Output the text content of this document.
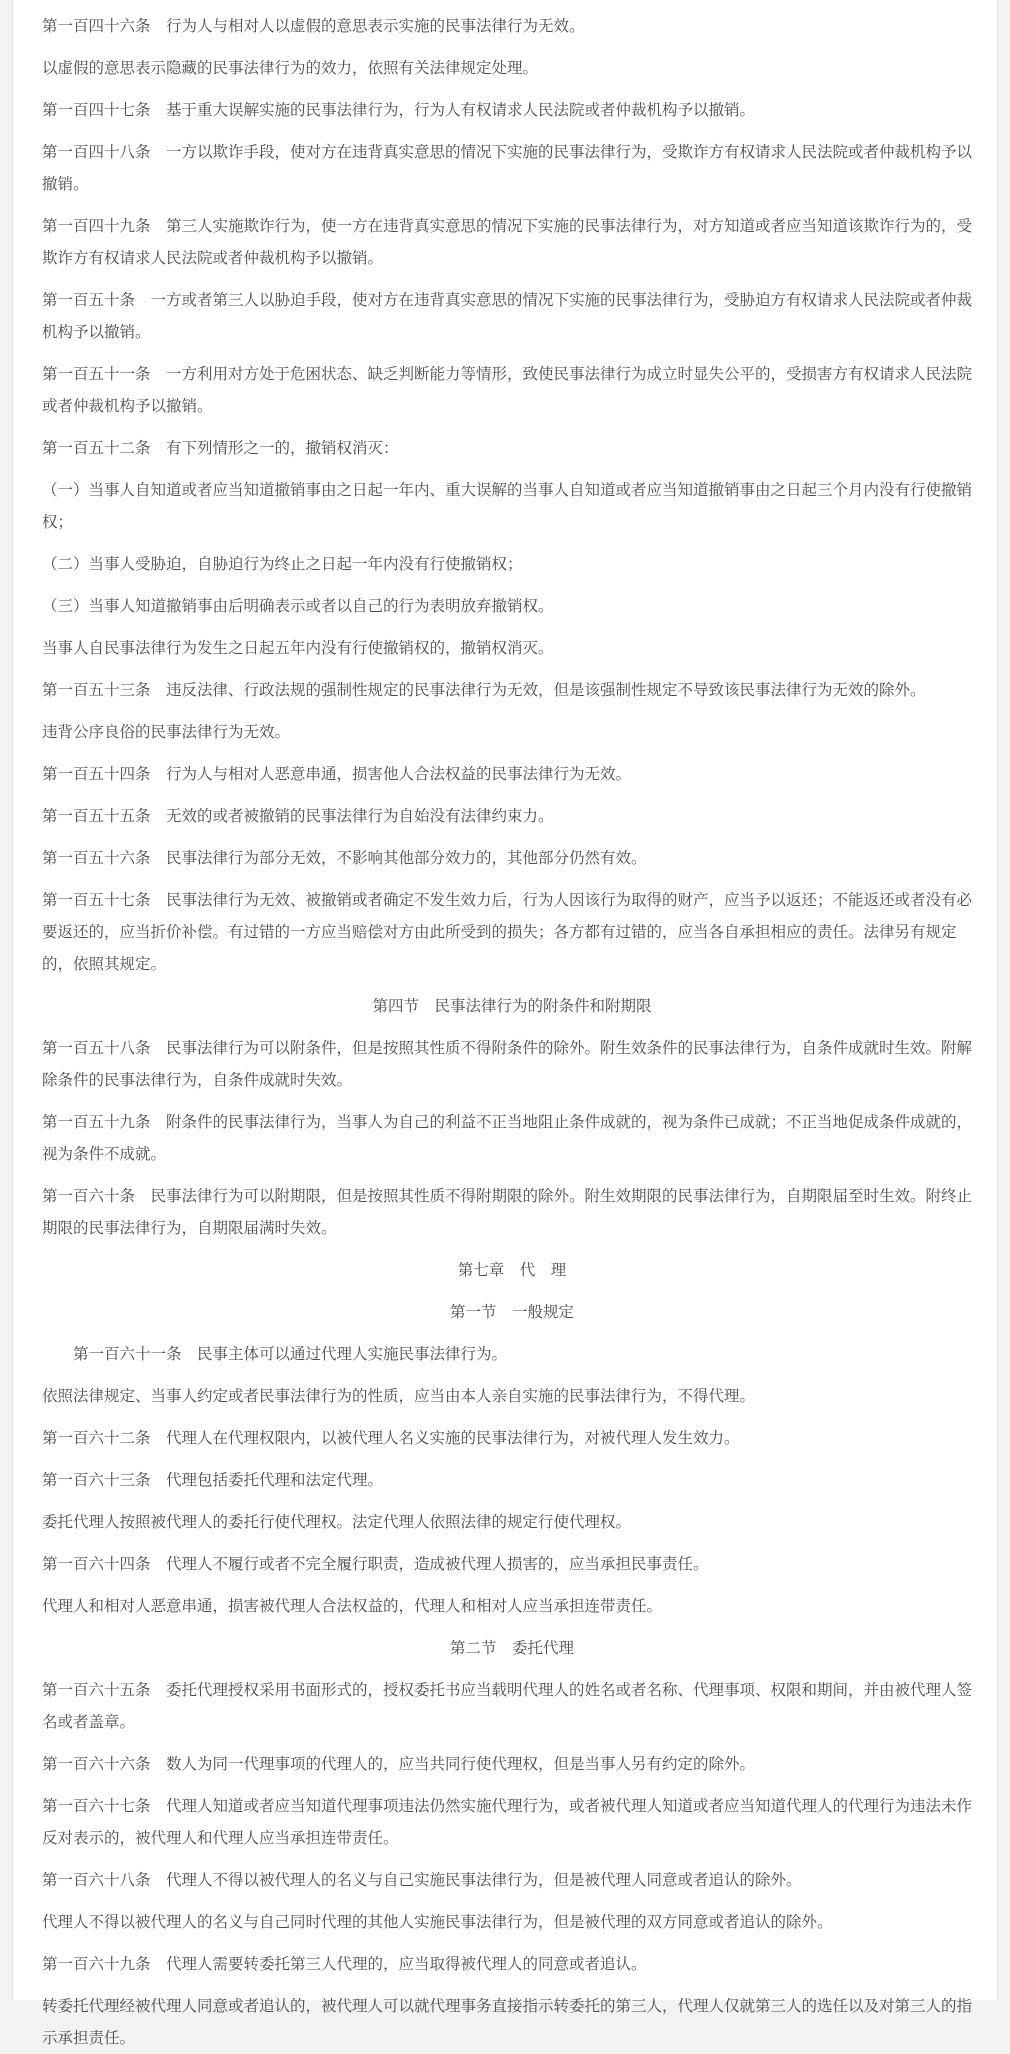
第一百四十六条　行为人与相对人以虚假的意思表示实施的民事法律行为无效。

以虚假的意思表示隐藏的民事法律行为的效力，依照有关法律规定处理。

第一百四十七条　基于重大误解实施的民事法律行为，行为人有权请求人民法院或者仲裁机构予以撤销。

第一百四十八条　一方以欺诈手段，使对方在违背真实意思的情况下实施的民事法律行为，受欺诈方有权请求人民法院或者仲裁机构予以撤销。

第一百四十九条　第三人实施欺诈行为，使一方在违背真实意思的情况下实施的民事法律行为，对方知道或者应当知道该欺诈行为的，受欺诈方有权请求人民法院或者仲裁机构予以撤销。

第一百五十条　一方或者第三人以胁迫手段，使对方在违背真实意思的情况下实施的民事法律行为，受胁迫方有权请求人民法院或者仲裁机构予以撤销。

第一百五十一条　一方利用对方处于危困状态、缺乏判断能力等情形，致使民事法律行为成立时显失公平的，受损害方有权请求人民法院或者仲裁机构予以撤销。

第一百五十二条　有下列情形之一的，撤销权消灭：

（一）当事人自知道或者应当知道撤销事由之日起一年内、重大误解的当事人自知道或者应当知道撤销事由之日起三个月内没有行使撤销权；

（二）当事人受胁迫，自胁迫行为终止之日起一年内没有行使撤销权；

（三）当事人知道撤销事由后明确表示或者以自己的行为表明放弃撤销权。

当事人自民事法律行为发生之日起五年内没有行使撤销权的，撤销权消灭。

第一百五十三条　违反法律、行政法规的强制性规定的民事法律行为无效，但是该强制性规定不导致该民事法律行为无效的除外。

违背公序良俗的民事法律行为无效。

第一百五十四条　行为人与相对人恶意串通，损害他人合法权益的民事法律行为无效。

第一百五十五条　无效的或者被撤销的民事法律行为自始没有法律约束力。

第一百五十六条　民事法律行为部分无效，不影响其他部分效力的，其他部分仍然有效。

第一百五十七条　民事法律行为无效、被撤销或者确定不发生效力后，行为人因该行为取得的财产，应当予以返还；不能返还或者没有必要返还的，应当折价补偿。有过错的一方应当赔偿对方由此所受到的损失；各方都有过错的，应当各自承担相应的责任。法律另有规定的，依照其规定。

第四节　民事法律行为的附条件和附期限

第一百五十八条　民事法律行为可以附条件，但是按照其性质不得附条件的除外。附生效条件的民事法律行为，自条件成就时生效。附解除条件的民事法律行为，自条件成就时失效。

第一百五十九条　附条件的民事法律行为，当事人为自己的利益不正当地阻止条件成就的，视为条件已成就；不正当地促成条件成就的，视为条件不成就。

第一百六十条　民事法律行为可以附期限，但是按照其性质不得附期限的除外。附生效期限的民事法律行为，自期限届至时生效。附终止期限的民事法律行为，自期限届满时失效。

第七章　代　理

第一节　一般规定

第一百六十一条　民事主体可以通过代理人实施民事法律行为。

依照法律规定、当事人约定或者民事法律行为的性质，应当由本人亲自实施的民事法律行为，不得代理。

第一百六十二条　代理人在代理权限内，以被代理人名义实施的民事法律行为，对被代理人发生效力。

第一百六十三条　代理包括委托代理和法定代理。

委托代理人按照被代理人的委托行使代理权。法定代理人依照法律的规定行使代理权。

第一百六十四条　代理人不履行或者不完全履行职责，造成被代理人损害的，应当承担民事责任。

代理人和相对人恶意串通，损害被代理人合法权益的，代理人和相对人应当承担连带责任。

第二节　委托代理

第一百六十五条　委托代理授权采用书面形式的，授权委托书应当载明代理人的姓名或者名称、代理事项、权限和期间，并由被代理人签名或者盖章。

第一百六十六条　数人为同一代理事项的代理人的，应当共同行使代理权，但是当事人另有约定的除外。

第一百六十七条　代理人知道或者应当知道代理事项违法仍然实施代理行为，或者被代理人知道或者应当知道代理人的代理行为违法未作反对表示的，被代理人和代理人应当承担连带责任。

第一百六十八条　代理人不得以被代理人的名义与自己实施民事法律行为，但是被代理人同意或者追认的除外。

代理人不得以被代理人的名义与自己同时代理的其他人实施民事法律行为，但是被代理的双方同意或者追认的除外。

第一百六十九条　代理人需要转委托第三人代理的，应当取得被代理人的同意或者追认。

转委托代理经被代理人同意或者追认的，被代理人可以就代理事务直接指示转委托的第三人，代理人仅就第三人的选任以及对第三人的指示承担责任。
